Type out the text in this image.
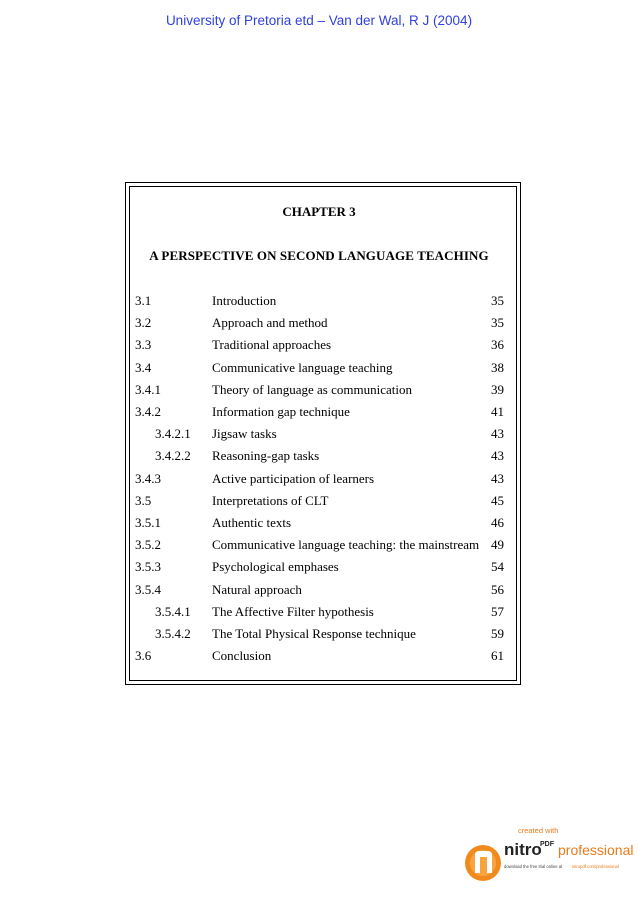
University of Pretoria etd – Van der Wal, R J (2004)
CHAPTER 3
A PERSPECTIVE ON SECOND LANGUAGE TEACHING
3.1	Introduction	35
3.2	Approach and method	35
3.3	Traditional approaches	36
3.4	Communicative language teaching	38
3.4.1	Theory of language as communication	39
3.4.2	Information gap technique	41
3.4.2.1 Jigsaw tasks	43
3.4.2.2 Reasoning-gap tasks	43
3.4.3	Active participation of learners	43
3.5	Interpretations of CLT	45
3.5.1	Authentic texts	46
3.5.2	Communicative language teaching: the mainstream 49
3.5.3	Psychological emphases	54
3.5.4	Natural approach	56
3.5.4.1 The Affective Filter hypothesis	57
3.5.4.2 The Total Physical Response technique	59
3.6	Conclusion	61
created with
nitro
PDF professional
download the free trial online at nitropdf.com/professional
